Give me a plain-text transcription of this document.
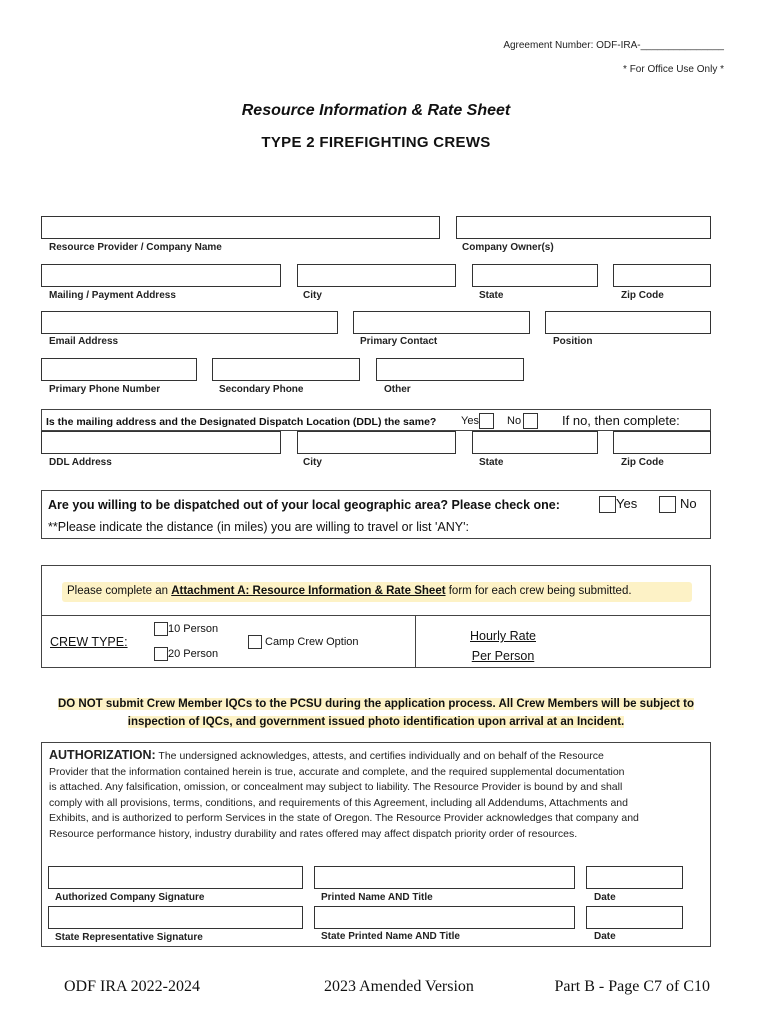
Agreement Number: ODF-IRA-_______________
* For Office Use Only *
Resource Information & Rate Sheet
TYPE 2 FIREFIGHTING CREWS
Resource Provider / Company Name	Company Owner(s)
Mailing / Payment Address	City	State	Zip Code
Email Address	Primary Contact	Position
Primary Phone Number	Secondary Phone	Other
Is the mailing address and the Designated Dispatch Location (DDL) the same? Yes	No	If no, then complete:
DDL Address	City	State	Zip Code
Are you willing to be dispatched out of your local geographic area? Please check one:	Yes	No
**Please indicate the distance (in miles) you are willing to travel or list 'ANY':
Please complete an Attachment A: Resource Information & Rate Sheet form for each crew being submitted.
CREW TYPE:
10 Person
20 Person
Camp Crew Option	Hourly Rate
Per Person
DO NOT submit Crew Member IQCs to the PCSU during the application process. All Crew Members will be subject to
inspection of IQCs, and government issued photo identification upon arrival at an Incident.
AUTHORIZATION: The undersigned acknowledges, attests, and certifies individually and on behalf of the Resource
Provider that the information contained herein is true, accurate and complete, and the required supplemental documentation
is attached. Any falsification, omission, or concealment may subject to liability. The Resource Provider is bound by and shall
comply with all provisions, terms, conditions, and requirements of this Agreement, including all Addendums, Attachments and
Exhibits, and is authorized to perform Services in the state of Oregon. The Resource Provider acknowledges that company and
Resource performance history, industry durability and rates offered may affect dispatch priority order of resources.
Authorized Company Signature	Printed Name AND Title	Date
State Representative Signature	State Printed Name AND Title	Date
ODF IRA 2022-2024	2023 Amended Version	Part B - Page C7 of C10
